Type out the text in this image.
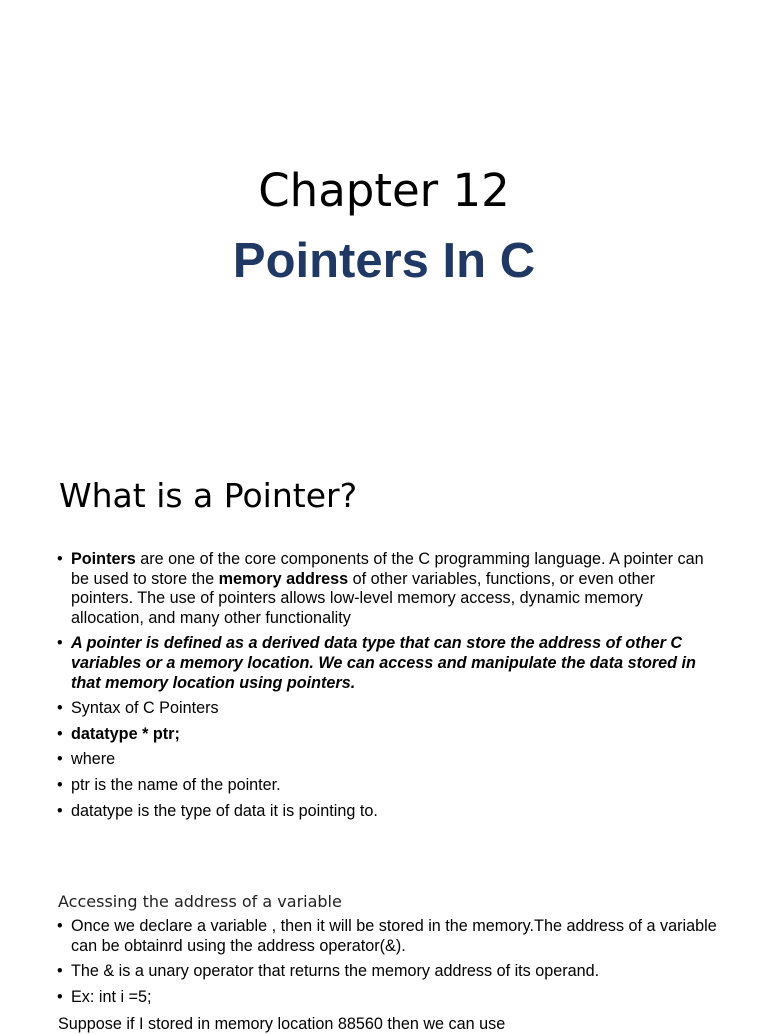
Chapter 12
Pointers In C
What is a Pointer?
• Pointers are one of the core components of the C programming language. A pointer can be used to store the memory address of other variables, functions, or even other pointers. The use of pointers allows low-level memory access, dynamic memory allocation, and many other functionality
• A pointer is defined as a derived data type that can store the address of other C variables or a memory location. We can access and manipulate the data stored in that memory location using pointers.
• Syntax of C Pointers
• datatype * ptr;
• where
• ptr is the name of the pointer.
• datatype is the type of data it is pointing to.
Accessing the address of a variable
• Once we declare a variable , then it will be stored in the memory.The address of a variable can be obtainrd using the address operator(&).
• The & is a unary operator that returns the memory address of its operand.
• Ex: int i =5;
Suppose if I stored in memory location 88560 then we can use
